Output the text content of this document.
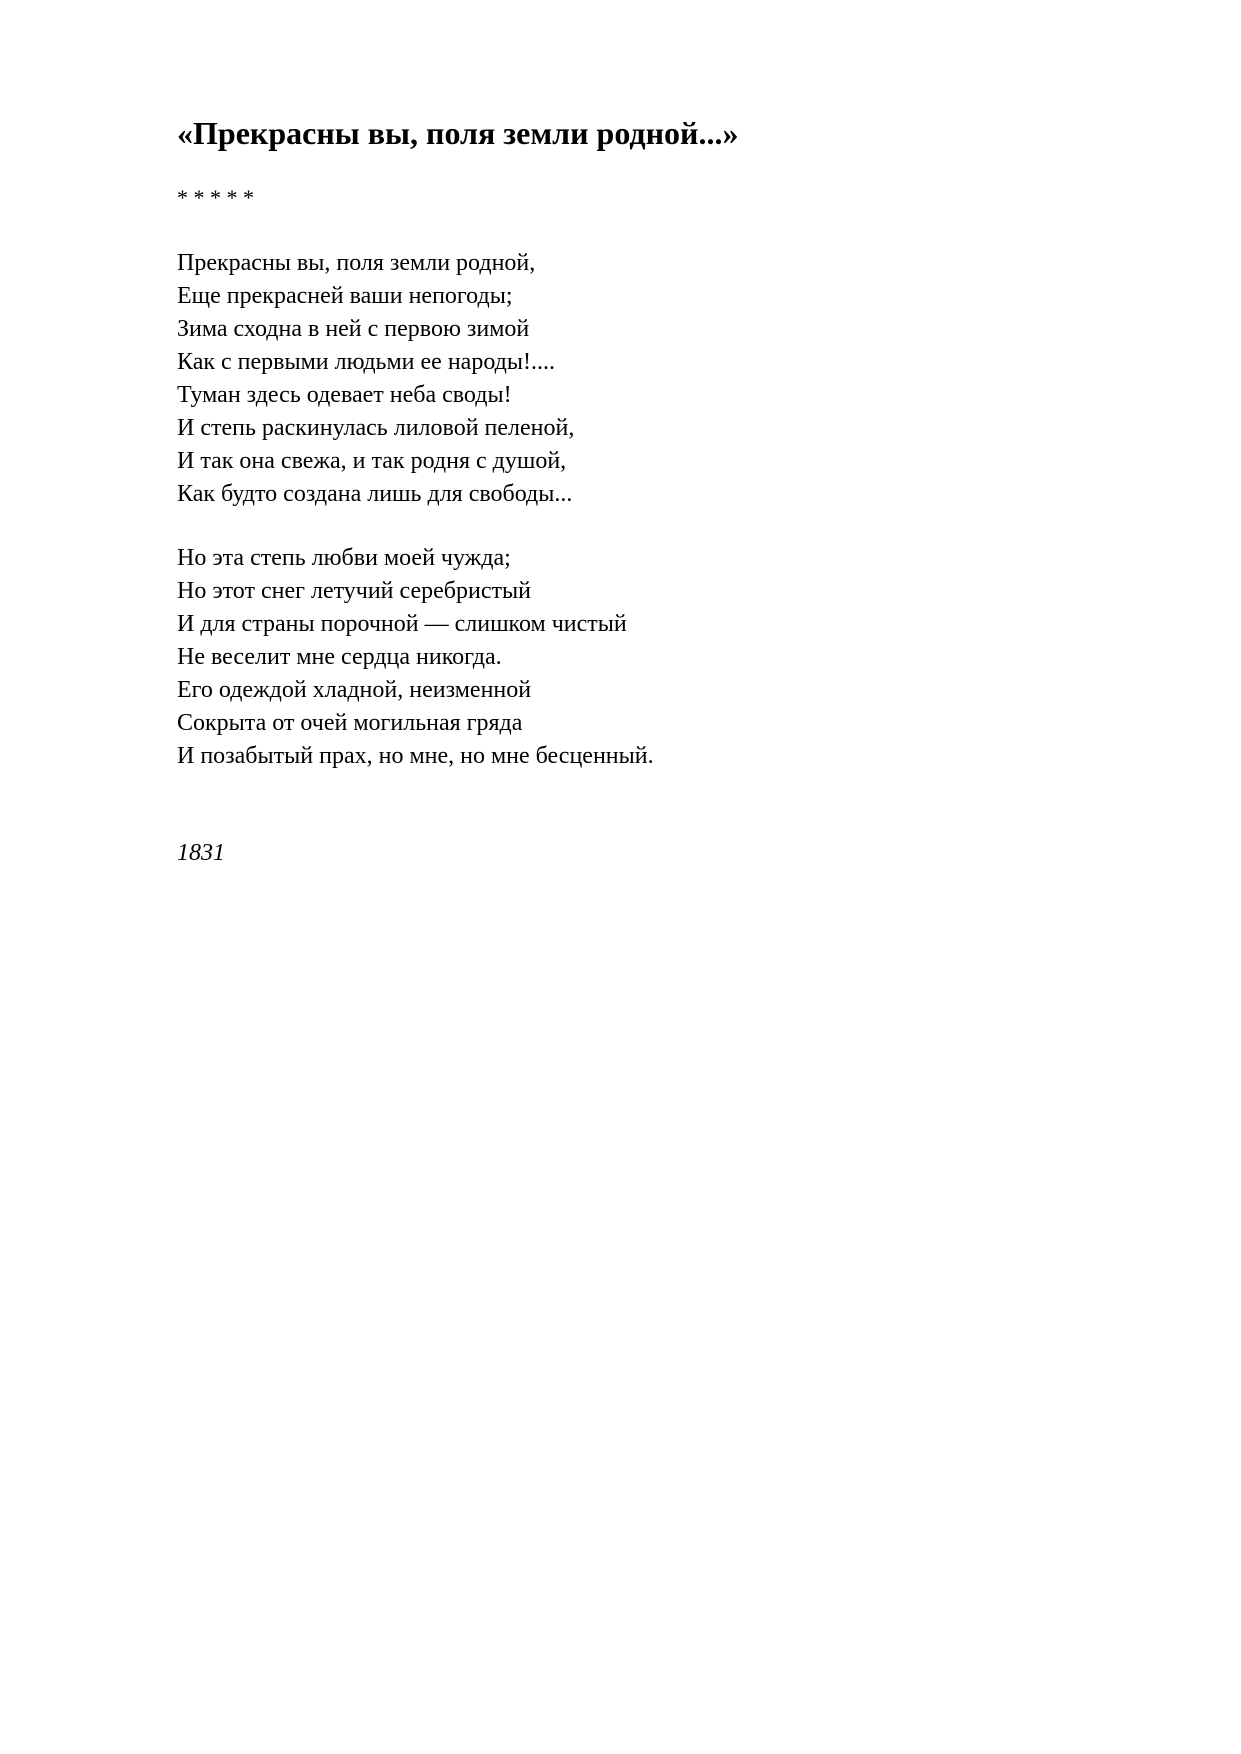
«Прекрасны вы, поля земли родной...»
* * * * *
Прекрасны вы, поля земли родной,
Еще прекрасней ваши непогоды;
Зима сходна в ней с первою зимой
Как с первыми людьми ее народы!....
Туман здесь одевает неба своды!
И степь раскинулась лиловой пеленой,
И так она свежа, и так родня с душой,
Как будто создана лишь для свободы...
Но эта степь любви моей чужда;
Но этот снег летучий серебристый
И для страны порочной — слишком чистый
Не веселит мне сердца никогда.
Его одеждой хладной, неизменной
Сокрыта от очей могильная гряда
И позабытый прах, но мне, но мне бесценный.
1831
